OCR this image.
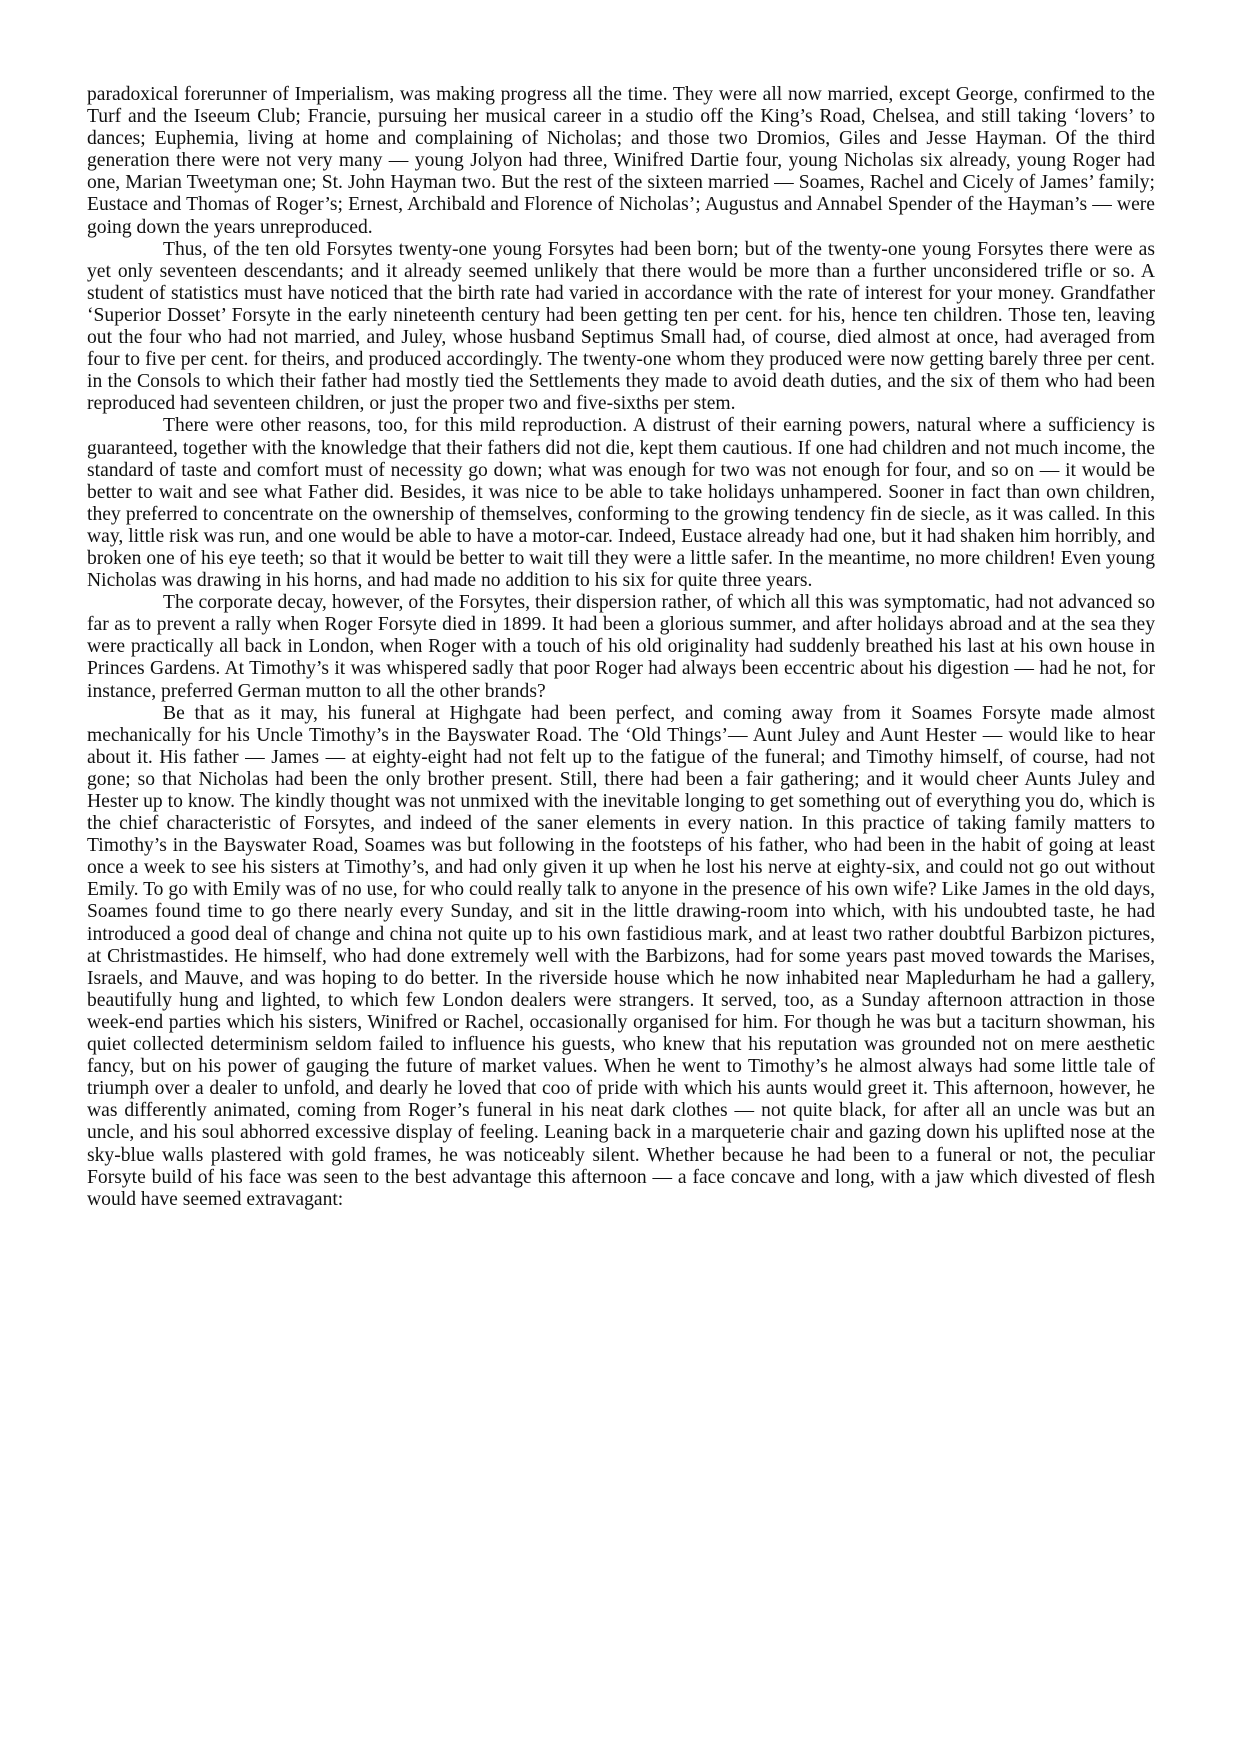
paradoxical forerunner of Imperialism, was making progress all the time. They were all now married, except George, confirmed to the Turf and the Iseeum Club; Francie, pursuing her musical career in a studio off the King’s Road, Chelsea, and still taking ‘lovers’ to dances; Euphemia, living at home and complaining of Nicholas; and those two Dromios, Giles and Jesse Hayman. Of the third generation there were not very many — young Jolyon had three, Winifred Dartie four, young Nicholas six already, young Roger had one, Marian Tweetyman one; St. John Hayman two. But the rest of the sixteen married — Soames, Rachel and Cicely of James’ family; Eustace and Thomas of Roger’s; Ernest, Archibald and Florence of Nicholas’; Augustus and Annabel Spender of the Hayman’s — were going down the years unreproduced.

Thus, of the ten old Forsytes twenty-one young Forsytes had been born; but of the twenty-one young Forsytes there were as yet only seventeen descendants; and it already seemed unlikely that there would be more than a further unconsidered trifle or so. A student of statistics must have noticed that the birth rate had varied in accordance with the rate of interest for your money. Grandfather ‘Superior Dosset’ Forsyte in the early nineteenth century had been getting ten per cent. for his, hence ten children. Those ten, leaving out the four who had not married, and Juley, whose husband Septimus Small had, of course, died almost at once, had averaged from four to five per cent. for theirs, and produced accordingly. The twenty-one whom they produced were now getting barely three per cent. in the Consols to which their father had mostly tied the Settlements they made to avoid death duties, and the six of them who had been reproduced had seventeen children, or just the proper two and five-sixths per stem.

There were other reasons, too, for this mild reproduction. A distrust of their earning powers, natural where a sufficiency is guaranteed, together with the knowledge that their fathers did not die, kept them cautious. If one had children and not much income, the standard of taste and comfort must of necessity go down; what was enough for two was not enough for four, and so on — it would be better to wait and see what Father did. Besides, it was nice to be able to take holidays unhampered. Sooner in fact than own children, they preferred to concentrate on the ownership of themselves, conforming to the growing tendency fin de siecle, as it was called. In this way, little risk was run, and one would be able to have a motor-car. Indeed, Eustace already had one, but it had shaken him horribly, and broken one of his eye teeth; so that it would be better to wait till they were a little safer. In the meantime, no more children! Even young Nicholas was drawing in his horns, and had made no addition to his six for quite three years.

The corporate decay, however, of the Forsytes, their dispersion rather, of which all this was symptomatic, had not advanced so far as to prevent a rally when Roger Forsyte died in 1899. It had been a glorious summer, and after holidays abroad and at the sea they were practically all back in London, when Roger with a touch of his old originality had suddenly breathed his last at his own house in Princes Gardens. At Timothy’s it was whispered sadly that poor Roger had always been eccentric about his digestion — had he not, for instance, preferred German mutton to all the other brands?

Be that as it may, his funeral at Highgate had been perfect, and coming away from it Soames Forsyte made almost mechanically for his Uncle Timothy’s in the Bayswater Road. The ‘Old Things’— Aunt Juley and Aunt Hester — would like to hear about it. His father — James — at eighty-eight had not felt up to the fatigue of the funeral; and Timothy himself, of course, had not gone; so that Nicholas had been the only brother present. Still, there had been a fair gathering; and it would cheer Aunts Juley and Hester up to know. The kindly thought was not unmixed with the inevitable longing to get something out of everything you do, which is the chief characteristic of Forsytes, and indeed of the saner elements in every nation. In this practice of taking family matters to Timothy’s in the Bayswater Road, Soames was but following in the footsteps of his father, who had been in the habit of going at least once a week to see his sisters at Timothy’s, and had only given it up when he lost his nerve at eighty-six, and could not go out without Emily. To go with Emily was of no use, for who could really talk to anyone in the presence of his own wife? Like James in the old days, Soames found time to go there nearly every Sunday, and sit in the little drawing-room into which, with his undoubted taste, he had introduced a good deal of change and china not quite up to his own fastidious mark, and at least two rather doubtful Barbizon pictures, at Christmastides. He himself, who had done extremely well with the Barbizons, had for some years past moved towards the Marises, Israels, and Mauve, and was hoping to do better. In the riverside house which he now inhabited near Mapledurham he had a gallery, beautifully hung and lighted, to which few London dealers were strangers. It served, too, as a Sunday afternoon attraction in those week-end parties which his sisters, Winifred or Rachel, occasionally organised for him. For though he was but a taciturn showman, his quiet collected determinism seldom failed to influence his guests, who knew that his reputation was grounded not on mere aesthetic fancy, but on his power of gauging the future of market values. When he went to Timothy’s he almost always had some little tale of triumph over a dealer to unfold, and dearly he loved that coo of pride with which his aunts would greet it. This afternoon, however, he was differently animated, coming from Roger’s funeral in his neat dark clothes — not quite black, for after all an uncle was but an uncle, and his soul abhorred excessive display of feeling. Leaning back in a marqueterie chair and gazing down his uplifted nose at the sky-blue walls plastered with gold frames, he was noticeably silent. Whether because he had been to a funeral or not, the peculiar Forsyte build of his face was seen to the best advantage this afternoon — a face concave and long, with a jaw which divested of flesh would have seemed extravagant:
